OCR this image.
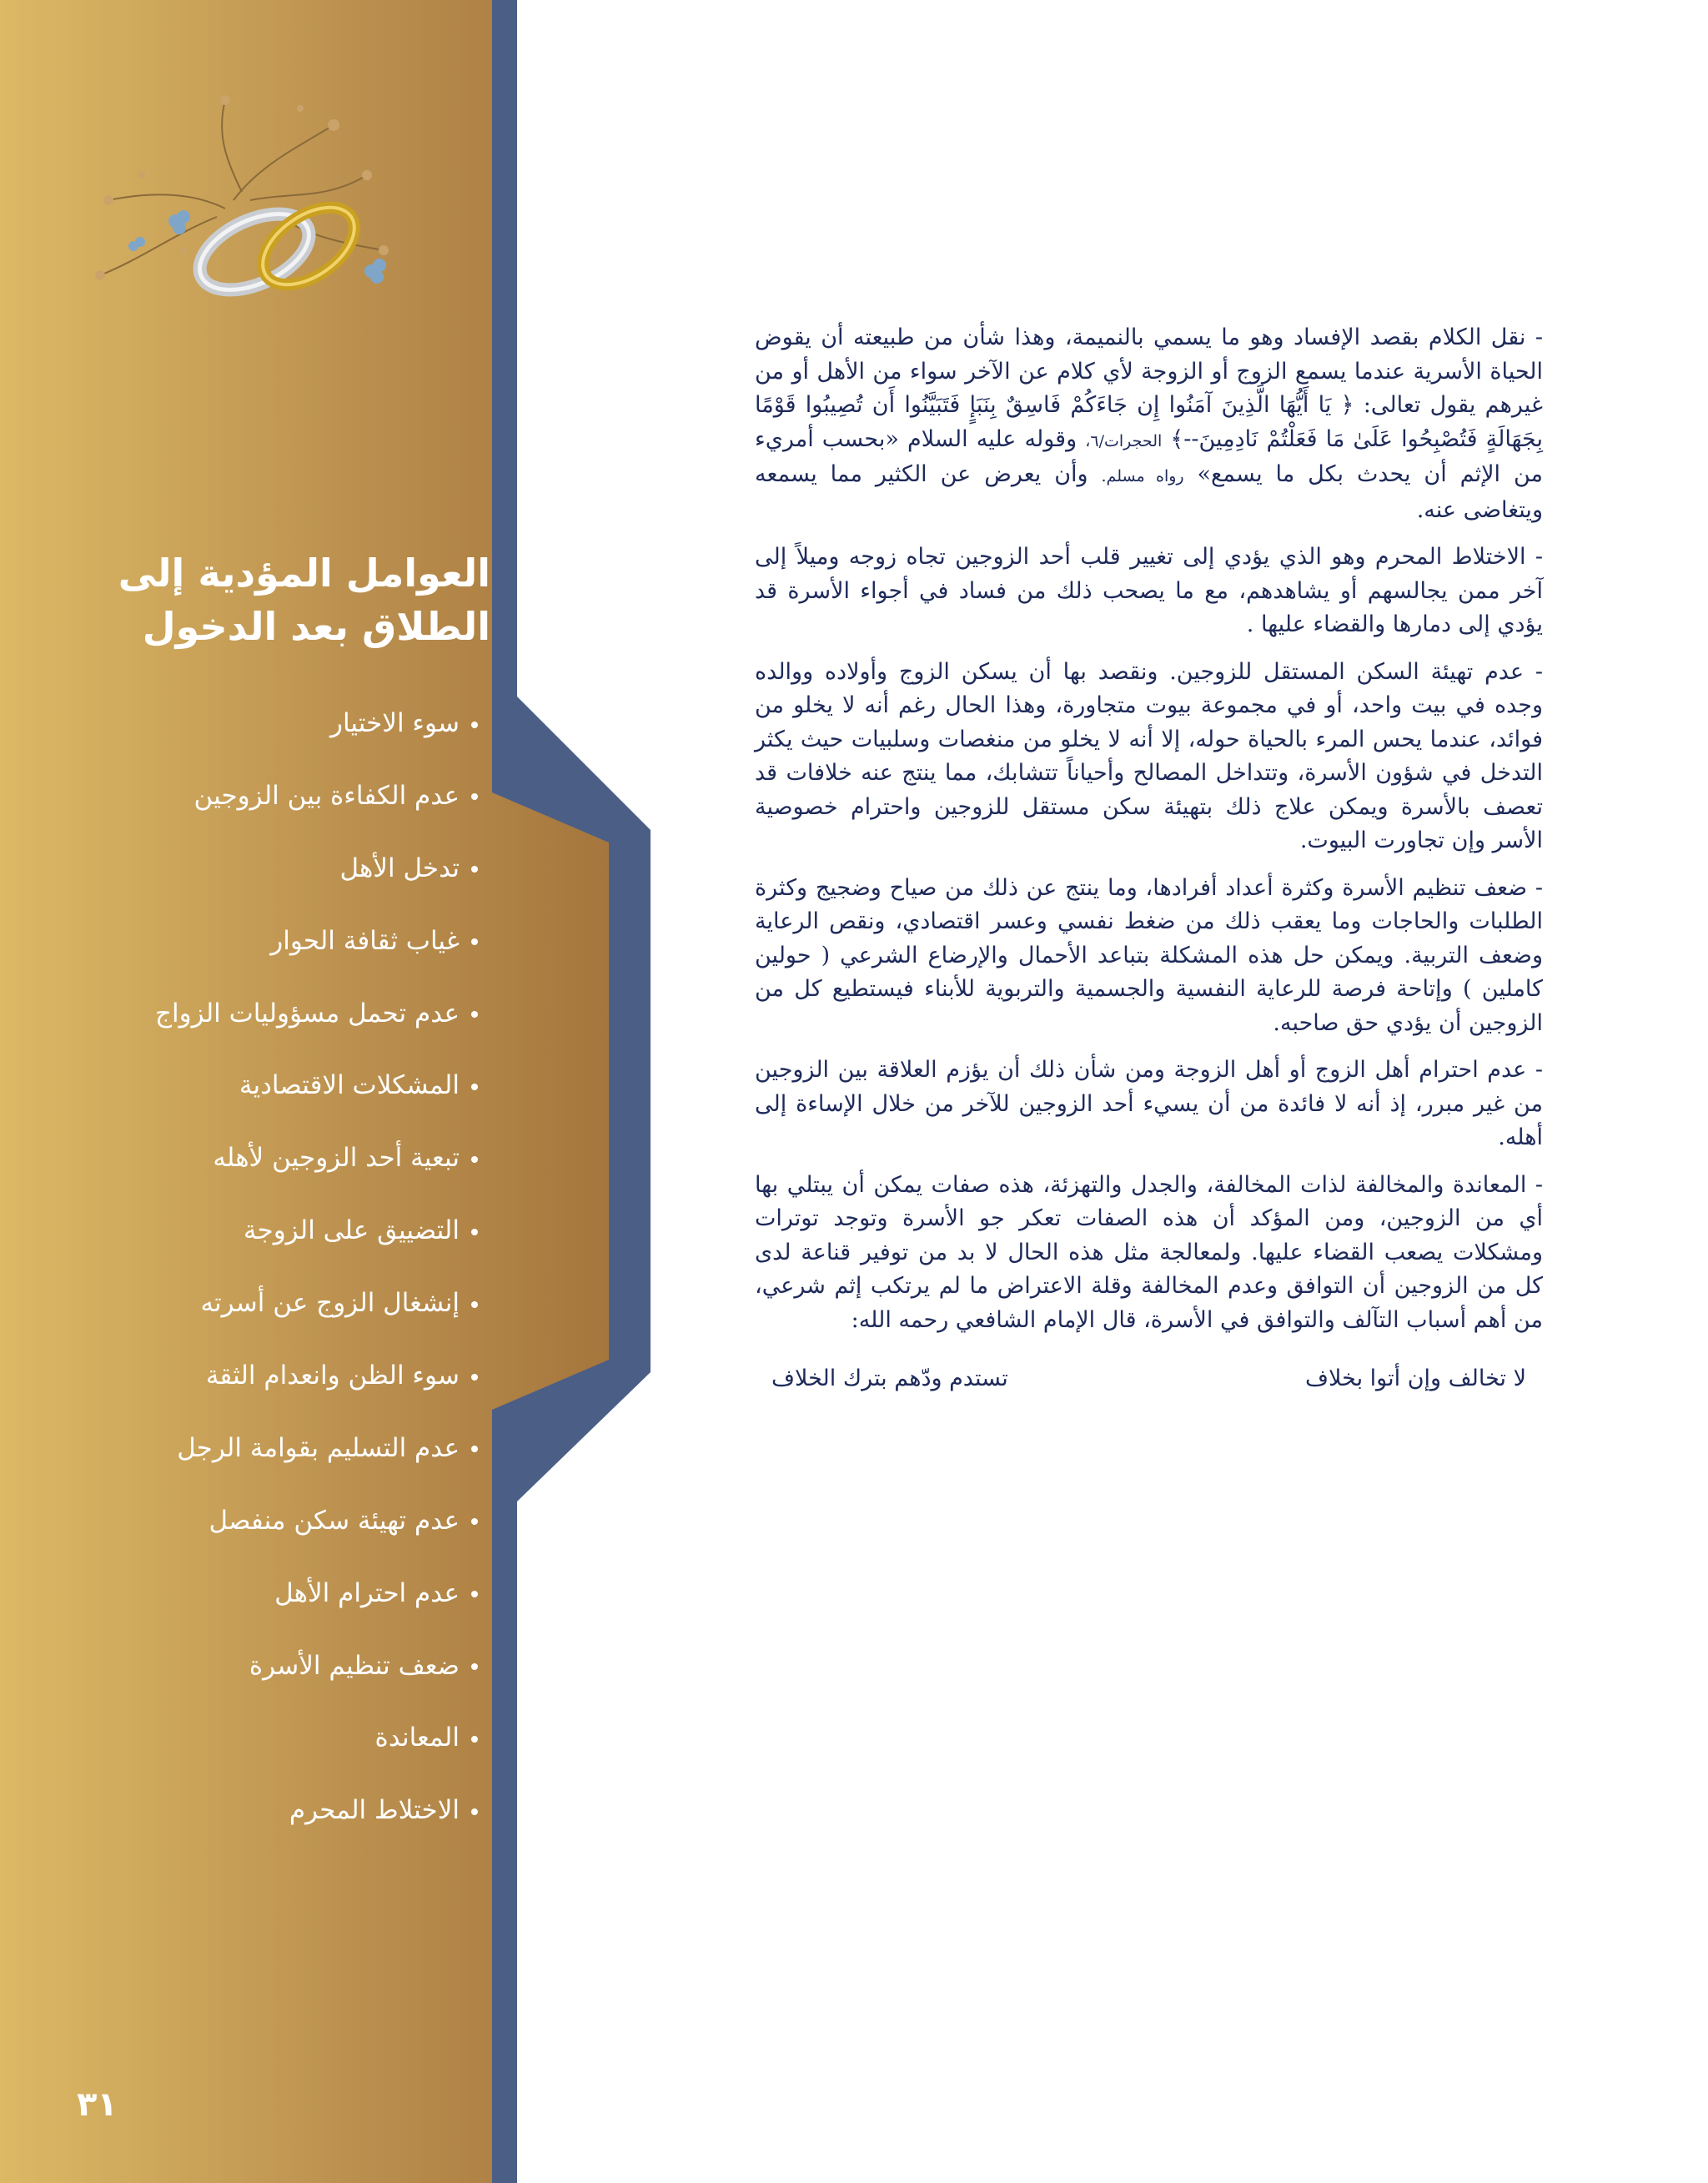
العوامل المؤدية إلى
الطلاق بعد الدخول
سوء الاختيار
عدم الكفاءة بين الزوجين
تدخل الأهل
غياب ثقافة الحوار
عدم تحمل مسؤوليات الزواج
المشكلات الاقتصادية
تبعية أحد الزوجين لأهله
التضييق على الزوجة
إنشغال الزوج عن أسرته
سوء الظن وانعدام الثقة
عدم التسليم بقوامة الرجل
عدم تهيئة سكن منفصل
عدم احترام الأهل
ضعف تنظيم الأسرة
المعاندة
الاختلاط المحرم
٣١

- نقل الكلام بقصد الإفساد وهو ما يسمي بالنميمة، وهذا شأن من طبيعته أن يقوض الحياة الأسرية عندما يسمع الزوج أو الزوجة لأي كلام عن الآخر سواء من الأهل أو من غيرهم يقول تعالى: ﴿ يَا أَيُّهَا الَّذِينَ آمَنُوا إِن جَاءَكُمْ فَاسِقٌ بِنَبَإٍ فَتَبَيَّنُوا أَن تُصِيبُوا قَوْمًا بِجَهَالَةٍ فَتُصْبِحُوا عَلَىٰ مَا فَعَلْتُمْ نَادِمِينَ--﴾ الحجرات/٦، وقوله عليه السلام «بحسب أمريء من الإثم أن يحدث بكل ما يسمع» رواه مسلم. وأن يعرض عن الكثير مما يسمعه ويتغاضى عنه.

- الاختلاط المحرم وهو الذي يؤدي إلى تغيير قلب أحد الزوجين تجاه زوجه وميلاً إلى آخر ممن يجالسهم أو يشاهدهم، مع ما يصحب ذلك من فساد في أجواء الأسرة قد يؤدي إلى دمارها والقضاء عليها .

- عدم تهيئة السكن المستقل للزوجين. ونقصد بها أن يسكن الزوج وأولاده ووالده وجده في بيت واحد، أو في مجموعة بيوت متجاورة، وهذا الحال رغم أنه لا يخلو من فوائد، عندما يحس المرء بالحياة حوله، إلا أنه لا يخلو من منغصات وسلبيات حيث يكثر التدخل في شؤون الأسرة، وتتداخل المصالح وأحياناً تتشابك، مما ينتج عنه خلافات قد تعصف بالأسرة ويمكن علاج ذلك بتهيئة سكن مستقل للزوجين واحترام خصوصية الأسر وإن تجاورت البيوت.

- ضعف تنظيم الأسرة وكثرة أعداد أفرادها، وما ينتج عن ذلك من صياح وضجيج وكثرة الطلبات والحاجات وما يعقب ذلك من ضغط نفسي وعسر اقتصادي، ونقص الرعاية وضعف التربية. ويمكن حل هذه المشكلة بتباعد الأحمال والإرضاع الشرعي ( حولين كاملين ) وإتاحة فرصة للرعاية النفسية والجسمية والتربوية للأبناء فيستطيع كل من الزوجين أن يؤدي حق صاحبه.

- عدم احترام أهل الزوج أو أهل الزوجة ومن شأن ذلك أن يؤزم العلاقة بين الزوجين من غير مبرر، إذ أنه لا فائدة من أن يسيء أحد الزوجين للآخر من خلال الإساءة إلى أهله.

- المعاندة والمخالفة لذات المخالفة، والجدل والتهزئة، هذه صفات يمكن أن يبتلي بها أي من الزوجين، ومن المؤكد أن هذه الصفات تعكر جو الأسرة وتوجد توترات ومشكلات يصعب القضاء عليها. ولمعالجة مثل هذه الحال لا بد من توفير قناعة لدى كل من الزوجين أن التوافق وعدم المخالفة وقلة الاعتراض ما لم يرتكب إثم شرعي، من أهم أسباب التآلف والتوافق في الأسرة، قال الإمام الشافعي رحمه الله:

لا تخالف وإن أتوا بخلاف
تستدم ودّهم بترك الخلاف
